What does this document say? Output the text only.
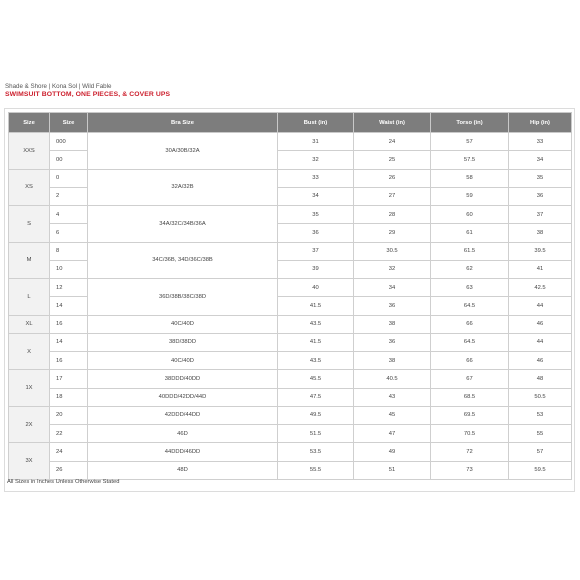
Shade & Shore | Kona Sol | Wild Fable
SWIMSUIT BOTTOM, ONE PIECES, & COVER UPS
Size	Size	Bra Size	Bust (in)	Waist (in)	Torso (in)	Hip (in)
XXS	000	30A/30B/32A	31	24	57	33
	00		32	25	57.5	34
XS	0	32A/32B	33	26	58	35
	2		34	27	59	36
S	4	34A/32C/34B/36A	35	28	60	37
	6		36	29	61	38
M	8	34C/36B, 34D/36C/38B	37	30.5	61.5	39.5
	10		39	32	62	41
L	12	36D/38B/38C/38D	40	34	63	42.5
	14		41.5	36	64.5	44
XL	16	40C/40D	43.5	38	66	46
X	14	38D/38DD	41.5	36	64.5	44
	16	40C/40D	43.5	38	66	46
1X	17	38DDD/40DD	45.5	40.5	67	48
	18	40DDD/42DD/44D	47.5	43	68.5	50.5
2X	20	42DDD/44DD	49.5	45	69.5	53
	22	46D	51.5	47	70.5	55
3X	24	44DDD/46DD	53.5	49	72	57
	26	48D	55.5	51	73	59.5
All Sizes in Inches Unless Otherwise Stated
